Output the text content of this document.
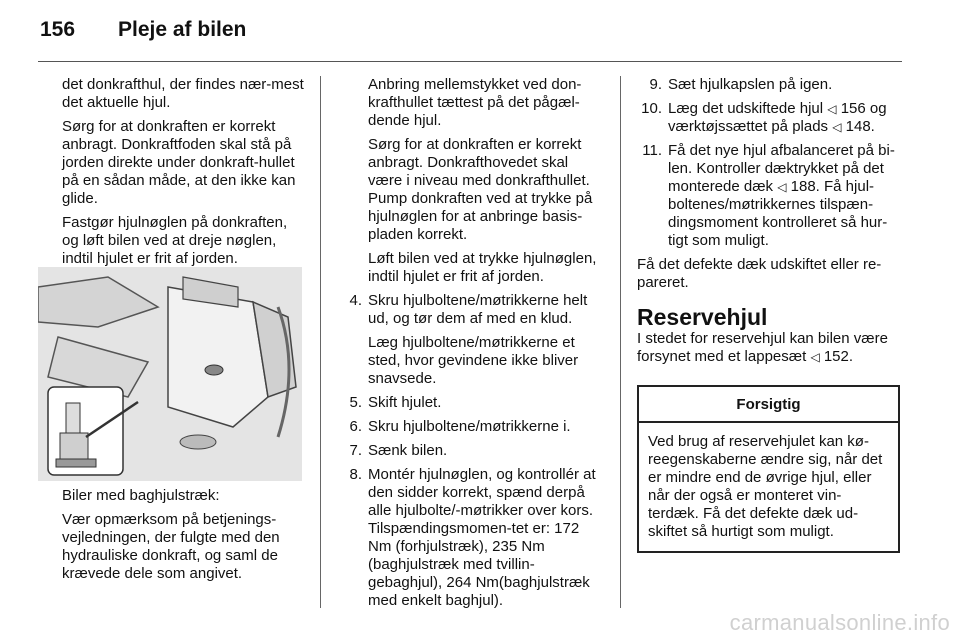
156	Pleje af bilen

det donkrafthul, der findes nær-mest det aktuelle hjul.

Sørg for at donkraften er korrekt anbragt. Donkraftfoden skal stå på jorden direkte under donkraft-hullet på en sådan måde, at den ikke kan glide.

Fastgør hjulnøglen på donkraften, og løft bilen ved at dreje nøglen, indtil hjulet er frit af jorden.

Biler med baghjulstræk:

Vær opmærksom på betjenings-vejledningen, der fulgte med den hydrauliske donkraft, og saml de krævede dele som angivet.

Anbring mellemstykket ved don-krafthullet tættest på det pågæl-dende hjul.

Sørg for at donkraften er korrekt anbragt. Donkrafthovedet skal være i niveau med donkrafthullet. Pump donkraften ved at trykke på hjulnøglen for at anbringe basis-pladen korrekt.

Løft bilen ved at trykke hjulnøglen, indtil hjulet er frit af jorden.

4. Skru hjulboltene/møtrikkerne helt ud, og tør dem af med en klud.

Læg hjulboltene/møtrikkerne et sted, hvor gevindene ikke bliver snavsede.

5. Skift hjulet.
6. Skru hjulboltene/møtrikkerne i.
7. Sænk bilen.
8. Montér hjulnøglen, og kontrollér at den sidder korrekt, spænd derpå alle hjulbolte/-møtrikker over kors. Tilspændingsmomen-tet er: 172 Nm (forhjulstræk), 235 Nm (baghjulstræk med tvillin-gebaghjul), 264 Nm(baghjulstræk med enkelt baghjul).
9. Sæt hjulkapslen på igen.
10. Læg det udskiftede hjul ◁ 156 og værktøjssættet på plads ◁ 148.
11. Få det nye hjul afbalanceret på bi-len. Kontroller dæktrykket på det monterede dæk ◁ 188. Få hjul-boltenes/møtrikkernes tilspæn-dingsmoment kontrolleret så hur-tigt som muligt.

Få det defekte dæk udskiftet eller re-pareret.

Reservehjul

I stedet for reservehjul kan bilen være forsynet med et lappesæt ◁ 152.

Forsigtig
Ved brug af reservehjulet kan kø-reegenskaberne ændre sig, når det er mindre end de øvrige hjul, eller når der også er monteret vin-terdæk. Få det defekte dæk ud-skiftet så hurtigt som muligt.
carmanualsonline.info
